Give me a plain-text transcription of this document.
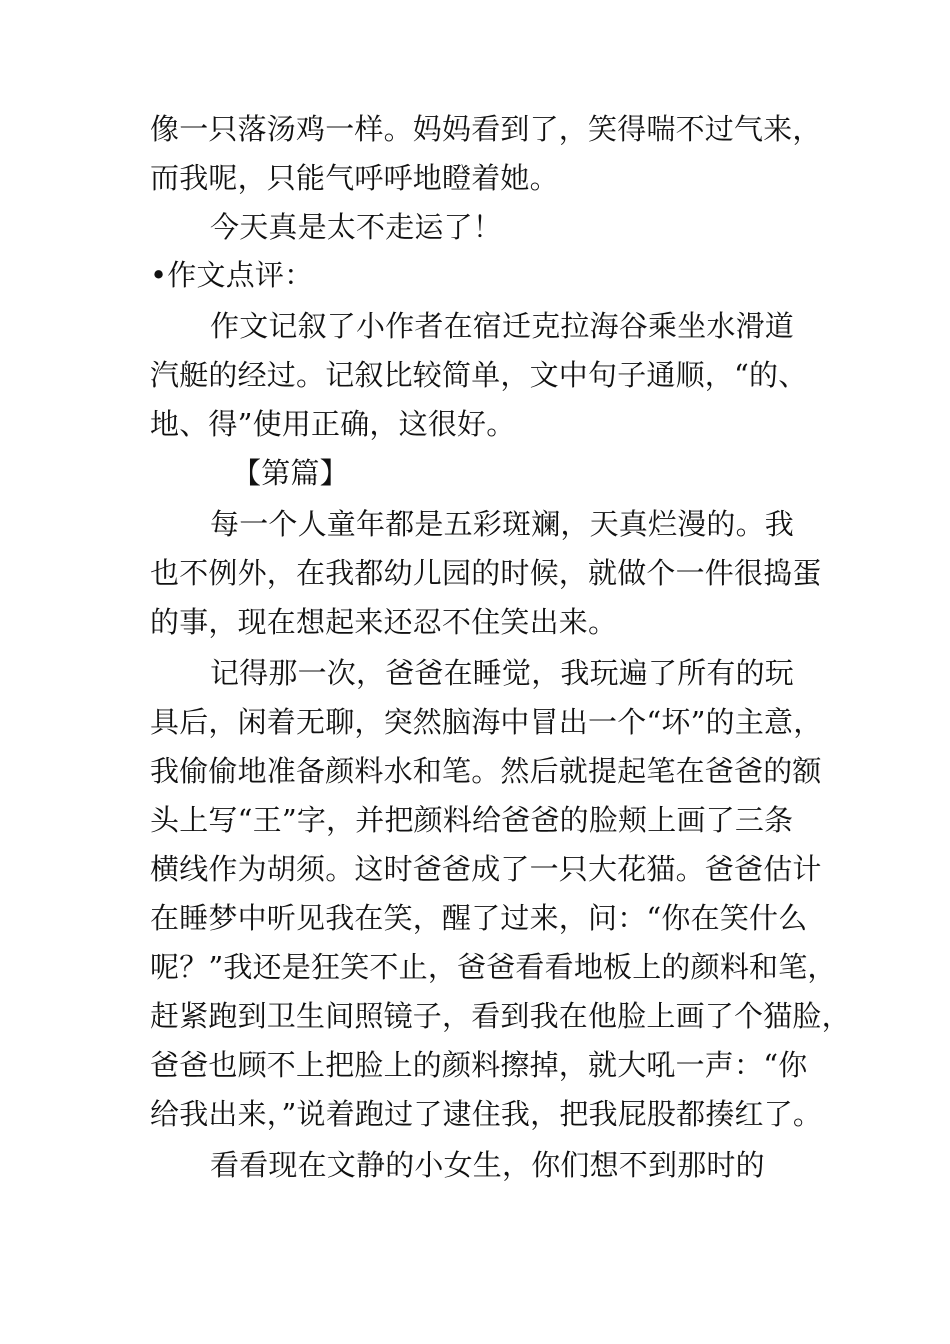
像一只落汤鸡一样。妈妈看到了，笑得喘不过气来，
而我呢，只能气呼呼地瞪着她。
今天真是太不走运了！
•作文点评：
作文记叙了小作者在宿迁克拉海谷乘坐水滑道
汽艇的经过。记叙比较简单，文中句子通顺，“的、
地、得”使用正确，这很好。
【第篇】
每一个人童年都是五彩斑斓，天真烂漫的。我
也不例外，在我都幼儿园的时候，就做个一件很捣蛋
的事，现在想起来还忍不住笑出来。
记得那一次，爸爸在睡觉，我玩遍了所有的玩
具后，闲着无聊，突然脑海中冒出一个“坏”的主意，
我偷偷地准备颜料水和笔。然后就提起笔在爸爸的额
头上写“王”字，并把颜料给爸爸的脸颊上画了三条
横线作为胡须。这时爸爸成了一只大花猫。爸爸估计
在睡梦中听见我在笑，醒了过来，问：“你在笑什么
呢？”我还是狂笑不止，爸爸看看地板上的颜料和笔，
赶紧跑到卫生间照镜子，看到我在他脸上画了个猫脸，
爸爸也顾不上把脸上的颜料擦掉，就大吼一声：“你
给我出来，”说着跑过了逮住我，把我屁股都揍红了。
看看现在文静的小女生，你们想不到那时的
